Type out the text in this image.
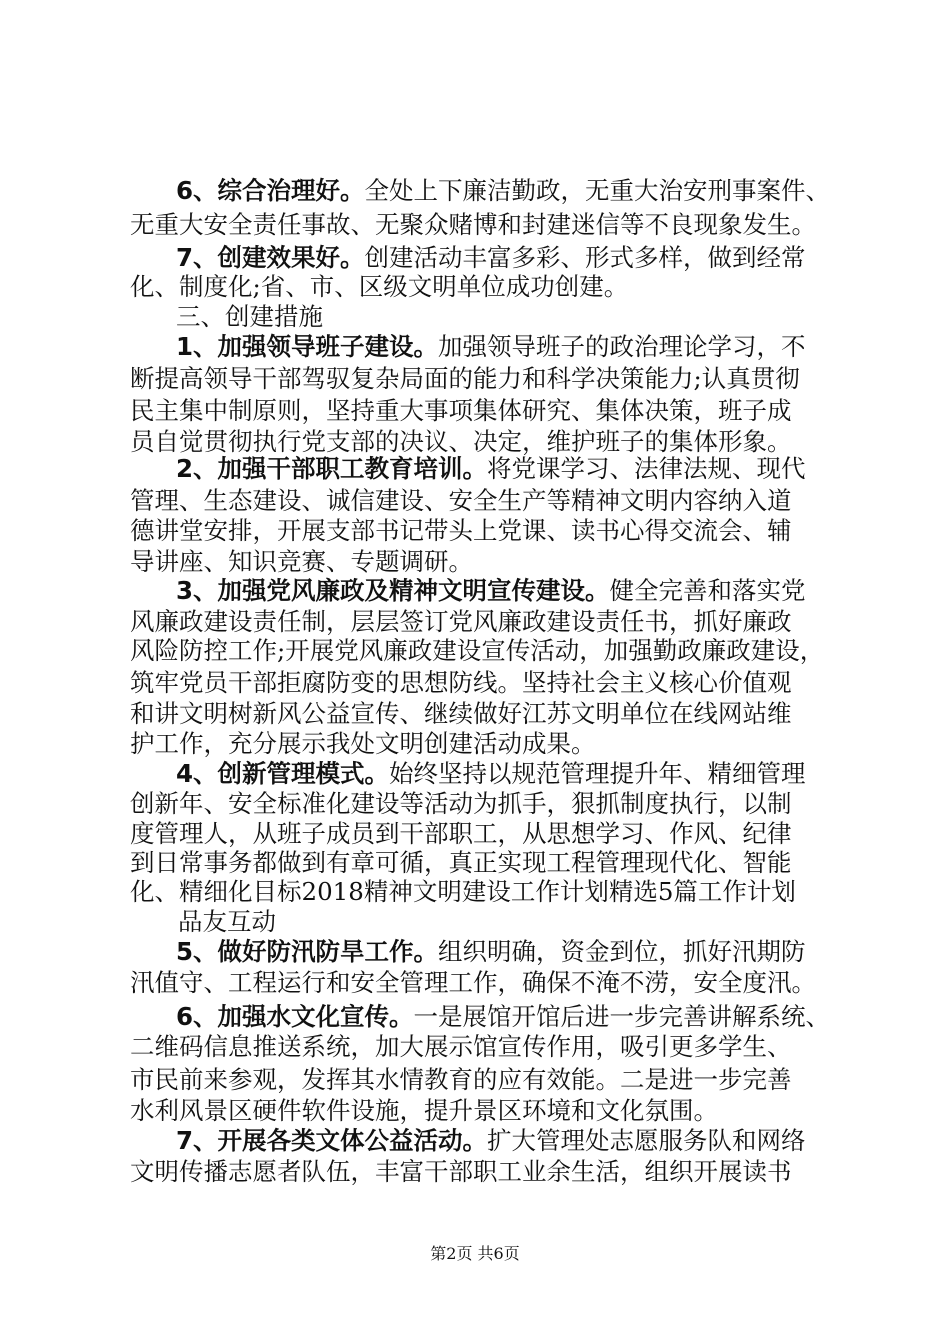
6、综合治理好。全处上下廉洁勤政，无重大治安刑事案件、
无重大安全责任事故、无聚众赌博和封建迷信等不良现象发生。
7、创建效果好。创建活动丰富多彩、形式多样，做到经常
化、制度化;省、市、区级文明单位成功创建。
三、创建措施
1、加强领导班子建设。加强领导班子的政治理论学习，不
断提高领导干部驾驭复杂局面的能力和科学决策能力;认真贯彻
民主集中制原则，坚持重大事项集体研究、集体决策，班子成
员自觉贯彻执行党支部的决议、决定，维护班子的集体形象。
2、加强干部职工教育培训。将党课学习、法律法规、现代
管理、生态建设、诚信建设、安全生产等精神文明内容纳入道
德讲堂安排，开展支部书记带头上党课、读书心得交流会、辅
导讲座、知识竞赛、专题调研。
3、加强党风廉政及精神文明宣传建设。健全完善和落实党
风廉政建设责任制，层层签订党风廉政建设责任书，抓好廉政
风险防控工作;开展党风廉政建设宣传活动，加强勤政廉政建设，
筑牢党员干部拒腐防变的思想防线。坚持社会主义核心价值观
和讲文明树新风公益宣传、继续做好江苏文明单位在线网站维
护工作，充分展示我处文明创建活动成果。
4、创新管理模式。始终坚持以规范管理提升年、精细管理
创新年、安全标准化建设等活动为抓手，狠抓制度执行，以制
度管理人，从班子成员到干部职工，从思想学习、作风、纪律
到日常事务都做到有章可循，真正实现工程管理现代化、智能
化、精细化目标2018精神文明建设工作计划精选5篇工作计划
品友互动
5、做好防汛防旱工作。组织明确，资金到位，抓好汛期防
汛值守、工程运行和安全管理工作，确保不淹不涝，安全度汛。
6、加强水文化宣传。一是展馆开馆后进一步完善讲解系统、
二维码信息推送系统，加大展示馆宣传作用，吸引更多学生、
市民前来参观，发挥其水情教育的应有效能。二是进一步完善
水利风景区硬件软件设施，提升景区环境和文化氛围。
7、开展各类文体公益活动。扩大管理处志愿服务队和网络
文明传播志愿者队伍，丰富干部职工业余生活，组织开展读书
第2页 共6页
